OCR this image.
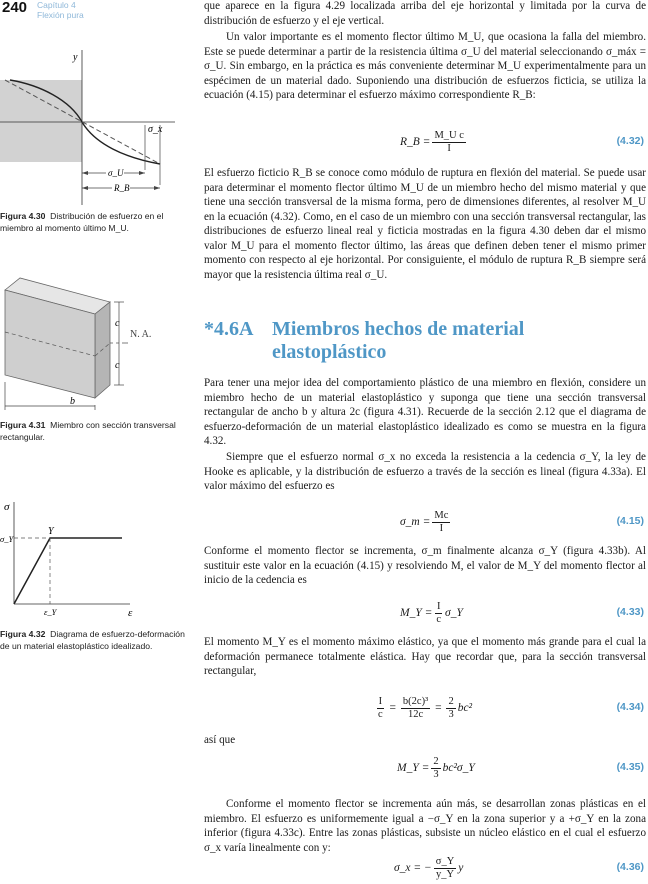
240 Capítulo 4
Flexión pura
y
σ_x
σ_U
R_B
Figura 4.30 Distribución de esfuerzo en el miembro al momento último M_U.
c
c
N. A.
b
Figura 4.31 Miembro con sección transversal rectangular.
σ
Y
σ_Y
ε_Y	ε
Figura 4.32 Diagrama de esfuerzo-deformación de un material elastoplástico idealizado.

que aparece en la figura 4.29 localizada arriba del eje horizontal y limitada por la curva de distribución de esfuerzo y el eje vertical.

Un valor importante es el momento flector último M_U, que ocasiona la falla del miembro. Este se puede determinar a partir de la resistencia última σ_U del material seleccionando σ_máx = σ_U. Sin embargo, en la práctica es más conveniente determinar M_U experimentalmente para un espécimen de un material dado. Suponiendo una distribución de esfuerzos ficticia, se utiliza la ecuación (4.15) para determinar el esfuerzo máximo correspondiente R_B:

R_B = $\frac{\text{M\_U c}}{I}$	(4.32)

El esfuerzo ficticio R_B se conoce como módulo de ruptura en flexión del material. Se puede usar para determinar el momento flector último M_U de un miembro hecho del mismo material y que tiene una sección transversal de la misma forma, pero de dimensiones diferentes, al resolver M_U en la ecuación (4.32). Como, en el caso de un miembro con una sección transversal rectangular, las distribuciones de esfuerzo lineal real y ficticia mostradas en la figura 4.30 deben dar el mismo valor M_U para el momento flector último, las áreas que definen deben tener el mismo primer momento con respecto al eje horizontal. Por consiguiente, el módulo de ruptura R_B siempre será mayor que la resistencia última real σ_U.

*4.6A Miembros hechos de material
elastoplástico

Para tener una mejor idea del comportamiento plástico de una miembro en flexión, considere un miembro hecho de un material elastoplástico y suponga que tiene una sección transversal rectangular de ancho b y altura 2c (figura 4.31). Recuerde de la sección 2.12 que el diagrama de esfuerzo-deformación de un material elastoplástico idealizado es como se muestra en la figura 4.32.

Siempre que el esfuerzo normal σ_x no exceda la resistencia a la cedencia σ_Y, la ley de Hooke es aplicable, y la distribución de esfuerzo a través de la sección es lineal (figura 4.33a). El valor máximo del esfuerzo es

σ_m = $\frac{Mc}{I}$	(4.15)

Conforme el momento flector se incrementa, σ_m finalmente alcanza σ_Y (figura 4.33b). Al sustituir este valor en la ecuación (4.15) y resolviendo M, el valor de M_Y del momento flector al inicio de la cedencia es

M_Y = $\frac{I}{c}$ σ_Y	(4.33)

El momento M_Y es el momento máximo elástico, ya que el momento más grande para el cual la deformación permanece totalmente elástica. Hay que recordar que, para la sección transversal rectangular,

$\frac{I}{c} = \frac{\text{b(2c)³}}{12c} = \frac{2}{3} bc^2$	(4.34)

así que

M_Y = $\frac{2}{3}$ bc²σ_Y	(4.35)

Conforme el momento flector se incrementa aún más, se desarrollan zonas plásticas en el miembro. El esfuerzo es uniformemente igual a −σ_Y en la zona superior y a +σ_Y en la zona inferior (figura 4.33c). Entre las zonas plásticas, subsiste un núcleo elástico en el cual el esfuerzo σ_x varía linealmente con y:

σ_x = − $\frac{\sigma\_Y}{y\_Y}$ y	(4.36)
